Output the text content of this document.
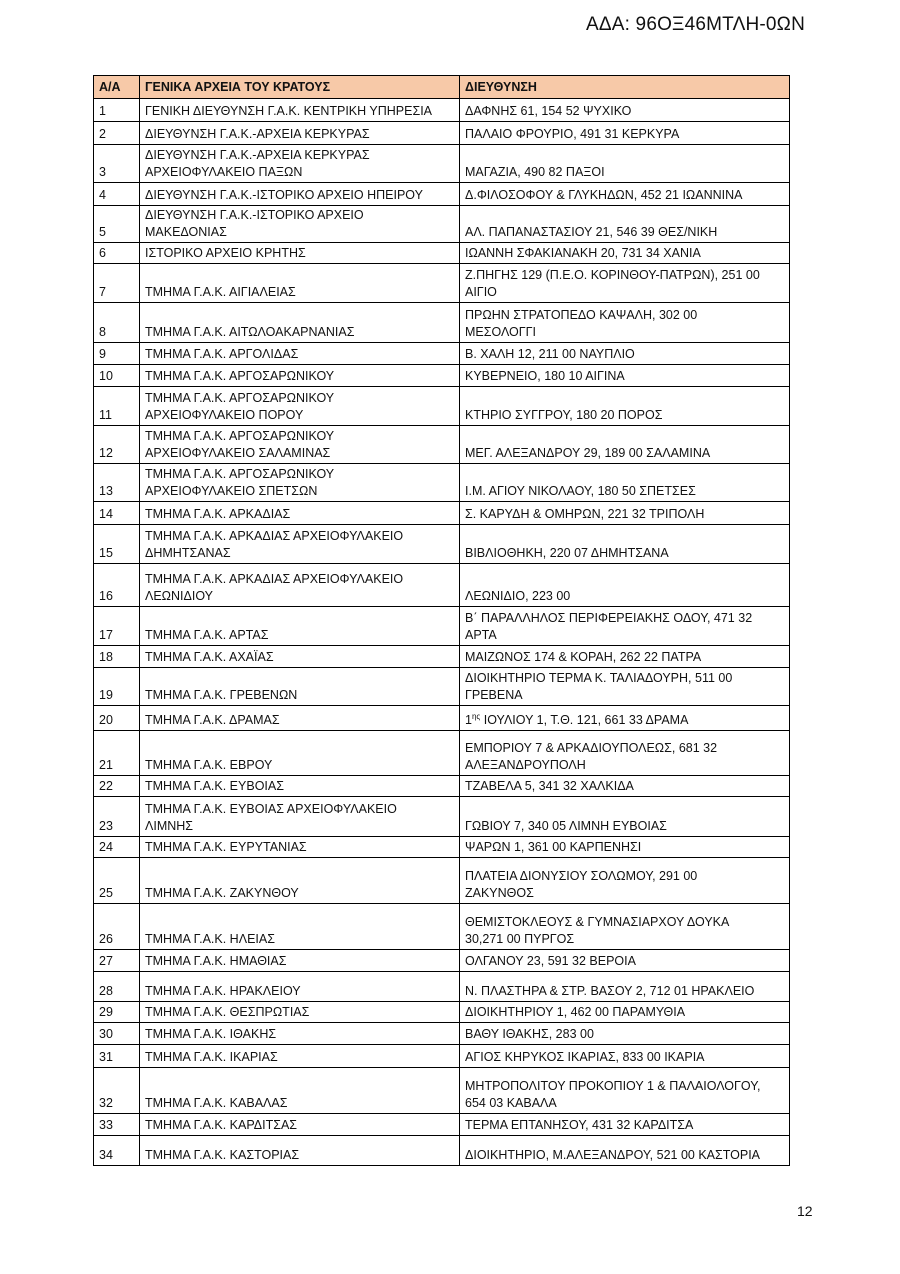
ΑΔΑ: 96ΟΞ46ΜΤΛΗ-0ΩΝ
Α/Α	ΓΕΝΙΚΑ ΑΡΧΕΙΑ ΤΟΥ ΚΡΑΤΟΥΣ	ΔΙΕΥΘΥΝΣΗ
1	ΓΕΝΙΚΗ ΔΙΕΥΘΥΝΣΗ Γ.Α.Κ. ΚΕΝΤΡΙΚΗ ΥΠΗΡΕΣΙΑ	ΔΑΦΝΗΣ 61, 154 52 ΨΥΧΙΚΟ
2	ΔΙΕΥΘΥΝΣΗ Γ.Α.Κ.-ΑΡΧΕΙΑ ΚΕΡΚΥΡΑΣ	ΠΑΛΑΙΟ ΦΡΟΥΡΙΟ, 491 31 ΚΕΡΚΥΡΑ
3	ΔΙΕΥΘΥΝΣΗ Γ.Α.Κ.-ΑΡΧΕΙΑ ΚΕΡΚΥΡΑΣ
ΑΡΧΕΙΟΦΥΛΑΚΕΙΟ ΠΑΞΩΝ	ΜΑΓΑΖΙΑ, 490 82 ΠΑΞΟΙ
4	ΔΙΕΥΘΥΝΣΗ Γ.Α.Κ.-ΙΣΤΟΡΙΚΟ ΑΡΧΕΙΟ ΗΠΕΙΡΟΥ	Δ.ΦΙΛΟΣΟΦΟΥ & ΓΛΥΚΗΔΩΝ, 452 21 ΙΩΑΝΝΙΝΑ
5	ΔΙΕΥΘΥΝΣΗ Γ.Α.Κ.-ΙΣΤΟΡΙΚΟ ΑΡΧΕΙΟ
ΜΑΚΕΔΟΝΙΑΣ	ΑΛ. ΠΑΠΑΝΑΣΤΑΣΙΟΥ 21, 546 39 ΘΕΣ/ΝΙΚΗ
6	ΙΣΤΟΡΙΚΟ ΑΡΧΕΙΟ ΚΡΗΤΗΣ	ΙΩΑΝΝΗ ΣΦΑΚΙΑΝΑΚΗ 20, 731 34 ΧΑΝΙΑ
7	ΤΜΗΜΑ Γ.Α.Κ. ΑΙΓΙΑΛΕΙΑΣ	Ζ.ΠΗΓΗΣ 129 (Π.Ε.Ο. ΚΟΡΙΝΘΟΥ-ΠΑΤΡΩΝ), 251 00
ΑΙΓΙΟ
8	ΤΜΗΜΑ Γ.Α.Κ. ΑΙΤΩΛΟΑΚΑΡΝΑΝΙΑΣ	ΠΡΩΗΝ ΣΤΡΑΤΟΠΕΔΟ ΚΑΨΑΛΗ, 302 00
ΜΕΣΟΛΟΓΓΙ
9	ΤΜΗΜΑ Γ.Α.Κ. ΑΡΓΟΛΙΔΑΣ	Β. ΧΑΛΗ 12, 211 00 ΝΑΥΠΛΙΟ
10	ΤΜΗΜΑ Γ.Α.Κ. ΑΡΓΟΣΑΡΩΝΙΚΟΥ	ΚΥΒΕΡΝΕΙΟ, 180 10 ΑΙΓΙΝΑ
11	ΤΜΗΜΑ Γ.Α.Κ. ΑΡΓΟΣΑΡΩΝΙΚΟΥ
ΑΡΧΕΙΟΦΥΛΑΚΕΙΟ ΠΟΡΟΥ	ΚΤΗΡΙΟ ΣΥΓΓΡΟΥ, 180 20 ΠΟΡΟΣ
12	ΤΜΗΜΑ Γ.Α.Κ. ΑΡΓΟΣΑΡΩΝΙΚΟΥ
ΑΡΧΕΙΟΦΥΛΑΚΕΙΟ ΣΑΛΑΜΙΝΑΣ	ΜΕΓ. ΑΛΕΞΑΝΔΡΟΥ 29, 189 00 ΣΑΛΑΜΙΝΑ
13	ΤΜΗΜΑ Γ.Α.Κ. ΑΡΓΟΣΑΡΩΝΙΚΟΥ
ΑΡΧΕΙΟΦΥΛΑΚΕΙΟ ΣΠΕΤΣΩΝ	Ι.Μ. ΑΓΙΟΥ ΝΙΚΟΛΑΟΥ, 180 50 ΣΠΕΤΣΕΣ
14	ΤΜΗΜΑ Γ.Α.Κ. ΑΡΚΑΔΙΑΣ	Σ. ΚΑΡΥΔΗ & ΟΜΗΡΩΝ, 221 32 ΤΡΙΠΟΛΗ
15	ΤΜΗΜΑ Γ.Α.Κ. ΑΡΚΑΔΙΑΣ ΑΡΧΕΙΟΦΥΛΑΚΕΙΟ
ΔΗΜΗΤΣΑΝΑΣ	ΒΙΒΛΙΟΘΗΚΗ, 220 07 ΔΗΜΗΤΣΑΝΑ
16	ΤΜΗΜΑ Γ.Α.Κ. ΑΡΚΑΔΙΑΣ ΑΡΧΕΙΟΦΥΛΑΚΕΙΟ
ΛΕΩΝΙΔΙΟΥ	ΛΕΩΝΙΔΙΟ, 223 00
17	ΤΜΗΜΑ Γ.Α.Κ. ΑΡΤΑΣ	Β΄ ΠΑΡΑΛΛΗΛΟΣ ΠΕΡΙΦΕΡΕΙΑΚΗΣ ΟΔΟΥ, 471 32
ΑΡΤΑ
18	ΤΜΗΜΑ Γ.Α.Κ. ΑΧΑΪΑΣ	ΜΑΙΖΩΝΟΣ 174 & ΚΟΡΑΗ, 262 22 ΠΑΤΡΑ
19	ΤΜΗΜΑ Γ.Α.Κ. ΓΡΕΒΕΝΩΝ	ΔΙΟΙΚΗΤΗΡΙΟ ΤΕΡΜΑ Κ. ΤΑΛΙΑΔΟΥΡΗ, 511 00
ΓΡΕΒΕΝΑ
20	ΤΜΗΜΑ Γ.Α.Κ. ΔΡΑΜΑΣ	$1^{\eta\varsigma}$ ΙΟΥΛΙΟΥ 1, Τ.Θ. 121, 661 33 ΔΡΑΜΑ
21	ΤΜΗΜΑ Γ.Α.Κ. ΕΒΡΟΥ	ΕΜΠΟΡΙΟΥ 7 & ΑΡΚΑΔΙΟΥΠΟΛΕΩΣ, 681 32
ΑΛΕΞΑΝΔΡΟΥΠΟΛΗ
22	ΤΜΗΜΑ Γ.Α.Κ. ΕΥΒΟΙΑΣ	ΤΖΑΒΕΛΑ 5, 341 32 ΧΑΛΚΙΔΑ
23	ΤΜΗΜΑ Γ.Α.Κ. ΕΥΒΟΙΑΣ ΑΡΧΕΙΟΦΥΛΑΚΕΙΟ
ΛΙΜΝΗΣ	ΓΩΒΙΟΥ 7, 340 05 ΛΙΜΝΗ ΕΥΒΟΙΑΣ
24	ΤΜΗΜΑ Γ.Α.Κ. ΕΥΡΥΤΑΝΙΑΣ	ΨΑΡΩΝ 1, 361 00 ΚΑΡΠΕΝΗΣΙ
25	ΤΜΗΜΑ Γ.Α.Κ. ΖΑΚΥΝΘΟΥ	ΠΛΑΤΕΙΑ ΔΙΟΝΥΣΙΟΥ ΣΟΛΩΜΟΥ, 291 00
ΖΑΚΥΝΘΟΣ
26	ΤΜΗΜΑ Γ.Α.Κ. ΗΛΕΙΑΣ	ΘΕΜΙΣΤΟΚΛΕΟΥΣ & ΓΥΜΝΑΣΙΑΡΧΟΥ ΔΟΥΚΑ
30,271 00 ΠΥΡΓΟΣ
27	ΤΜΗΜΑ Γ.Α.Κ. ΗΜΑΘΙΑΣ	ΟΛΓΑΝΟΥ 23, 591 32 ΒΕΡΟΙΑ
28	ΤΜΗΜΑ Γ.Α.Κ. ΗΡΑΚΛΕΙΟΥ	Ν. ΠΛΑΣΤΗΡΑ & ΣΤΡ. ΒΑΣΟΥ 2, 712 01 ΗΡΑΚΛΕΙΟ
29	ΤΜΗΜΑ Γ.Α.Κ. ΘΕΣΠΡΩΤΙΑΣ	ΔΙΟΙΚΗΤΗΡΙΟΥ 1, 462 00 ΠΑΡΑΜΥΘΙΑ
30	ΤΜΗΜΑ Γ.Α.Κ. ΙΘΑΚΗΣ	ΒΑΘΥ ΙΘΑΚΗΣ, 283 00
31	ΤΜΗΜΑ Γ.Α.Κ. ΙΚΑΡΙΑΣ	ΑΓΙΟΣ ΚΗΡΥΚΟΣ ΙΚΑΡΙΑΣ, 833 00 ΙΚΑΡΙΑ
32	ΤΜΗΜΑ Γ.Α.Κ. ΚΑΒΑΛΑΣ	ΜΗΤΡΟΠΟΛΙΤΟΥ ΠΡΟΚΟΠΙΟΥ 1 & ΠΑΛΑΙΟΛΟΓΟΥ,
654 03 ΚΑΒΑΛΑ
33	ΤΜΗΜΑ Γ.Α.Κ. ΚΑΡΔΙΤΣΑΣ	ΤΕΡΜΑ ΕΠΤΑΝΗΣΟΥ, 431 32 ΚΑΡΔΙΤΣΑ
34	ΤΜΗΜΑ Γ.Α.Κ. ΚΑΣΤΟΡΙΑΣ	ΔΙΟΙΚΗΤΗΡΙΟ, Μ.ΑΛΕΞΑΝΔΡΟΥ, 521 00 ΚΑΣΤΟΡΙΑ
12
